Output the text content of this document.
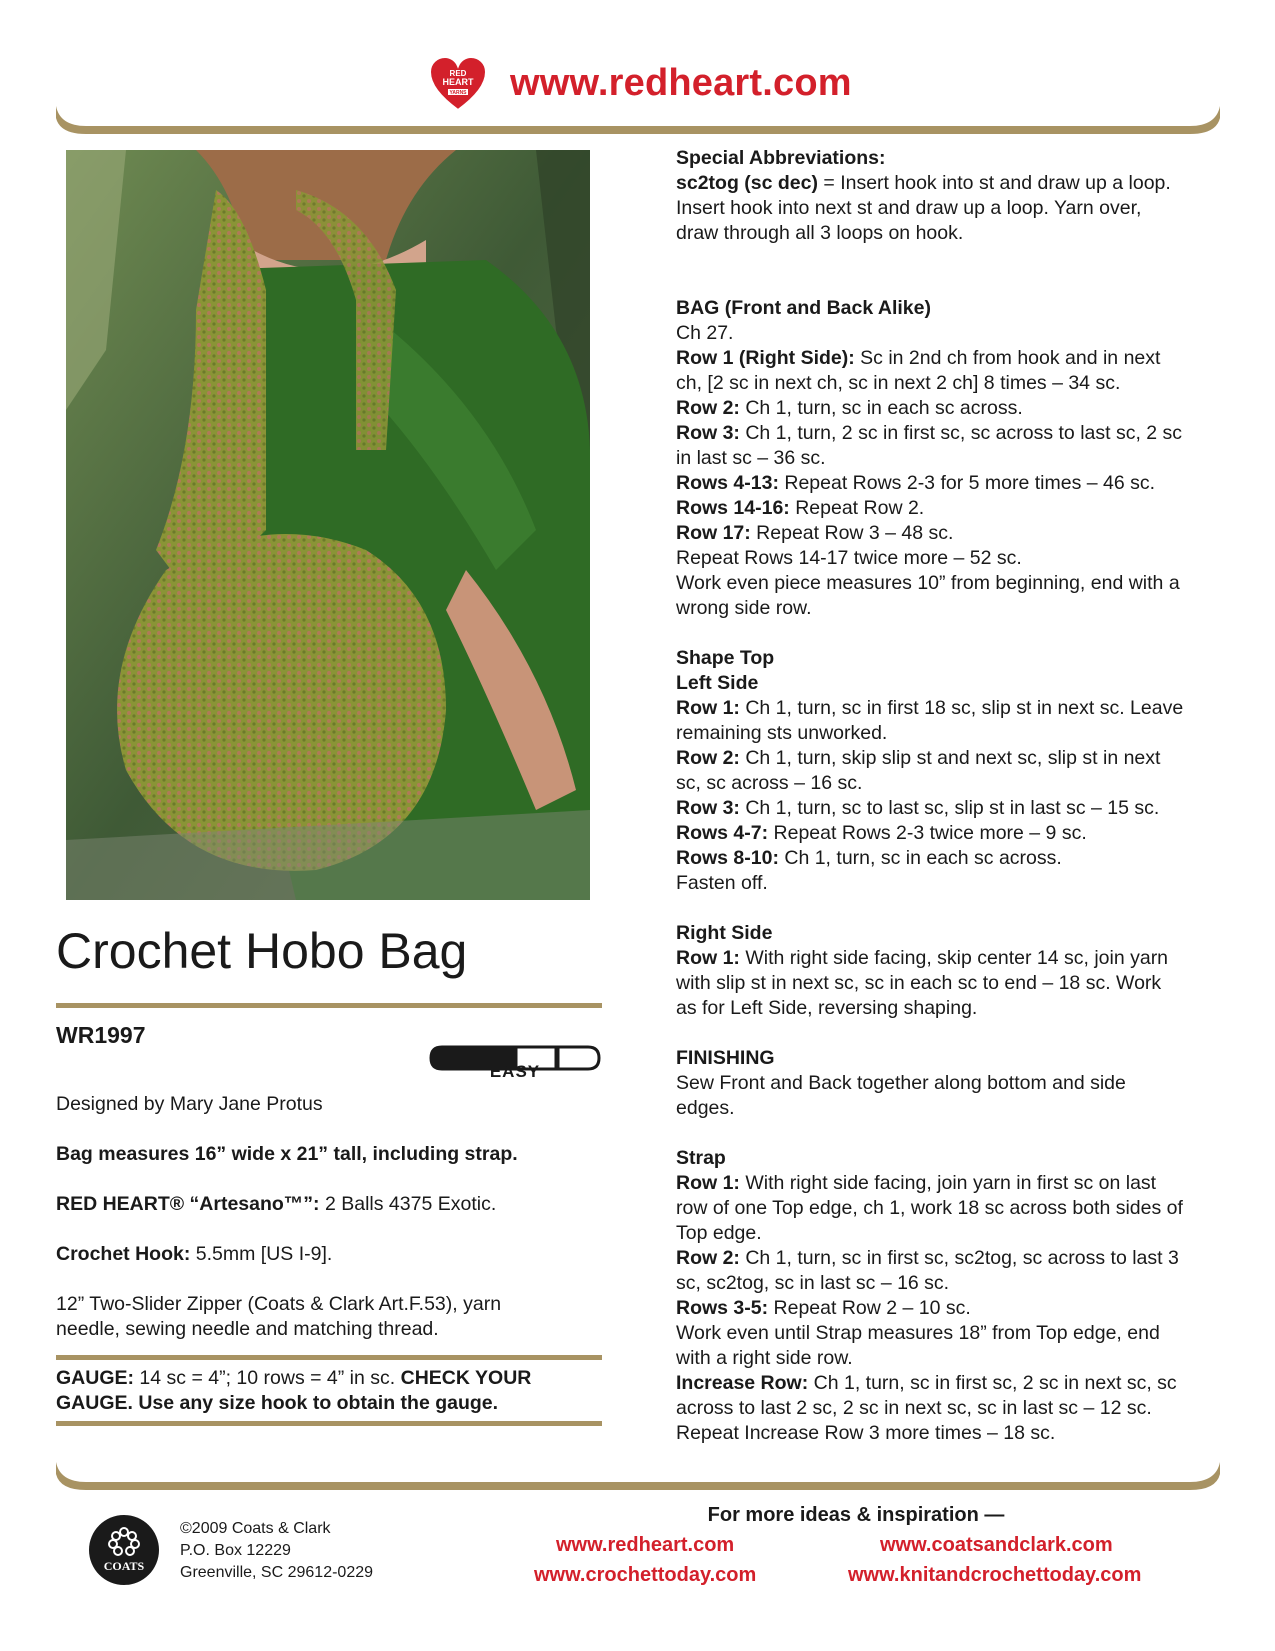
RED
HEART
YARNS www.redheart.com
Crochet Hobo Bag
WR1997
EASY

Designed by Mary Jane Protus

Bag measures 16” wide x 21” tall, including strap.

RED HEART® “Artesano™”: 2 Balls 4375 Exotic.

Crochet Hook: 5.5mm [US I-9].

12” Two-Slider Zipper (Coats & Clark Art.F.53), yarn
needle, sewing needle and matching thread.

GAUGE: 14 sc = 4”; 10 rows = 4” in sc. CHECK YOUR
GAUGE. Use any size hook to obtain the gauge.

Special Abbreviations:

sc2tog (sc dec) = Insert hook into st and draw up a loop.

Insert hook into next st and draw up a loop. Yarn over,

draw through all 3 loops on hook.

BAG (Front and Back Alike)

Ch 27.

Row 1 (Right Side): Sc in 2nd ch from hook and in next

ch, [2 sc in next ch, sc in next 2 ch] 8 times – 34 sc.

Row 2: Ch 1, turn, sc in each sc across.

Row 3: Ch 1, turn, 2 sc in first sc, sc across to last sc, 2 sc

in last sc – 36 sc.

Rows 4-13: Repeat Rows 2-3 for 5 more times – 46 sc.

Rows 14-16: Repeat Row 2.

Row 17: Repeat Row 3 – 48 sc.

Repeat Rows 14-17 twice more – 52 sc.

Work even piece measures 10” from beginning, end with a

wrong side row.

Shape Top

Left Side

Row 1: Ch 1, turn, sc in first 18 sc, slip st in next sc. Leave

remaining sts unworked.

Row 2: Ch 1, turn, skip slip st and next sc, slip st in next

sc, sc across – 16 sc.

Row 3: Ch 1, turn, sc to last sc, slip st in last sc – 15 sc.

Rows 4-7: Repeat Rows 2-3 twice more – 9 sc.

Rows 8-10: Ch 1, turn, sc in each sc across.

Fasten off.

Right Side

Row 1: With right side facing, skip center 14 sc, join yarn

with slip st in next sc, sc in each sc to end – 18 sc. Work

as for Left Side, reversing shaping.

FINISHING

Sew Front and Back together along bottom and side

edges.

Strap

Row 1: With right side facing, join yarn in first sc on last

row of one Top edge, ch 1, work 18 sc across both sides of

Top edge.

Row 2: Ch 1, turn, sc in first sc, sc2tog, sc across to last 3

sc, sc2tog, sc in last sc – 16 sc.

Rows 3-5: Repeat Row 2 – 10 sc.

Work even until Strap measures 18” from Top edge, end

with a right side row.

Increase Row: Ch 1, turn, sc in first sc, 2 sc in next sc, sc

across to last 2 sc, 2 sc in next sc, sc in last sc – 12 sc.

Repeat Increase Row 3 more times – 18 sc.

COATS
©2009 Coats & Clark
P.O. Box 12229
Greenville, SC 29612-0229
For more ideas & inspiration —
www.redheart.com	www.coatsandclark.com
www.crochettoday.com	www.knitandcrochettoday.com
